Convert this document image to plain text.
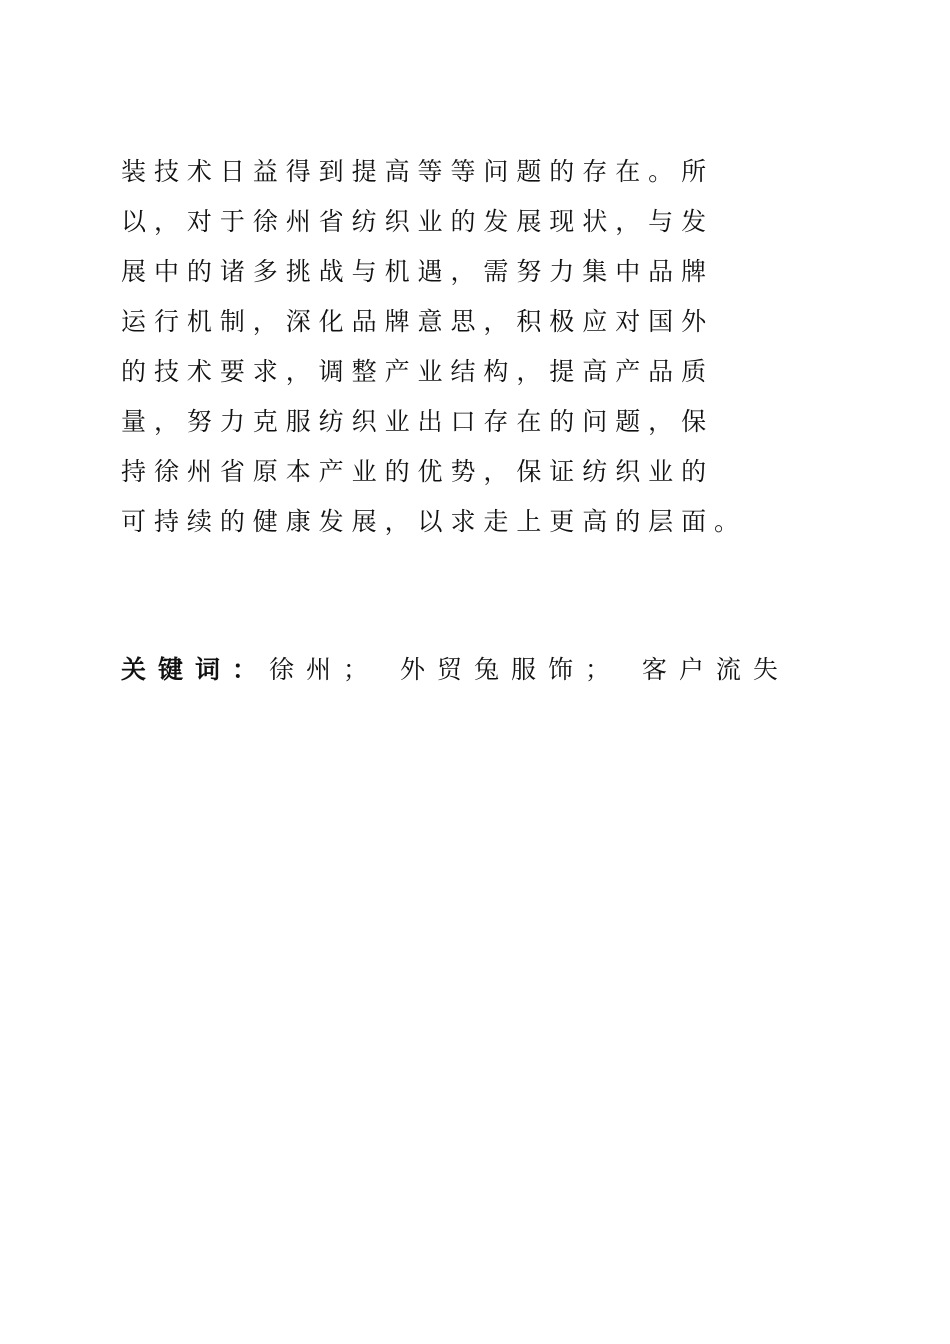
装 技 术 日 益 得 到 提 高 等 等 问 题 的 存 在 。 所
以 ， 对 于 徐 州 省 纺 织 业 的 发 展 现 状 ， 与 发
展 中 的 诸 多 挑 战 与 机 遇 ， 需 努 力 集 中 品 牌
运 行 机 制 ， 深 化 品 牌 意 思 ， 积 极 应 对 国 外
的 技 术 要 求 ， 调 整 产 业 结 构 ， 提 高 产 品 质
量 ， 努 力 克 服 纺 织 业 出 口 存 在 的 问 题 ， 保
持 徐 州 省 原 本 产 业 的 优 势 ， 保 证 纺 织 业 的
可 持 续 的 健 康 发 展 ， 以 求 走 上 更 高 的 层 面 。
关键词：徐州； 外贸兔服饰； 客户流失
